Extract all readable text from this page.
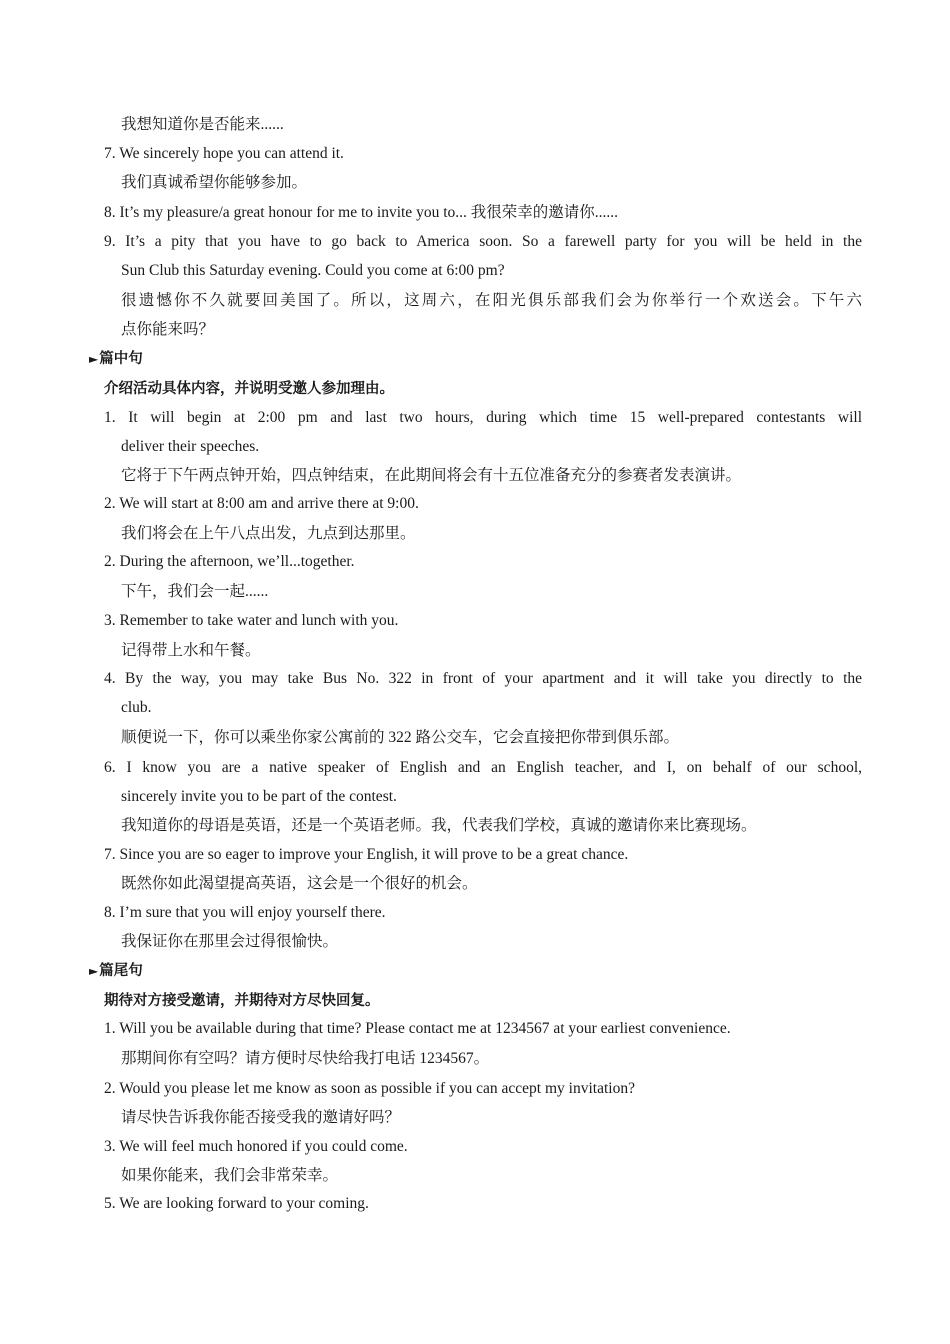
我想知道你是否能来......
7. We sincerely hope you can attend it.
我们真诚希望你能够参加。
8. It’s my pleasure/a great honour for me to invite you to... 我很荣幸的邀请你......
9. It’s a pity that you have to go back to America soon. So a farewell party for you will be held in the
Sun Club this Saturday evening. Could you come at 6:00 pm?
很遗憾你不久就要回美国了。所以，这周六，在阳光俱乐部我们会为你举行一个欢送会。下午六
点你能来吗？
►篇中句
介绍活动具体内容，并说明受邀人参加理由。
1. It will begin at 2:00 pm and last two hours, during which time 15 well-prepared contestants will
deliver their speeches.
它将于下午两点钟开始，四点钟结束，在此期间将会有十五位准备充分的参赛者发表演讲。
2. We will start at 8:00 am and arrive there at 9:00.
我们将会在上午八点出发，九点到达那里。
2. During the afternoon, we’ll...together.
下午，我们会一起......
3. Remember to take water and lunch with you.
记得带上水和午餐。
4. By the way, you may take Bus No. 322 in front of your apartment and it will take you directly to the
club.
顺便说一下，你可以乘坐你家公寓前的 322 路公交车，它会直接把你带到俱乐部。
6. I know you are a native speaker of English and an English teacher, and I, on behalf of our school,
sincerely invite you to be part of the contest.
我知道你的母语是英语，还是一个英语老师。我，代表我们学校，真诚的邀请你来比赛现场。
7. Since you are so eager to improve your English, it will prove to be a great chance.
既然你如此渴望提高英语，这会是一个很好的机会。
8. I’m sure that you will enjoy yourself there.
我保证你在那里会过得很愉快。
►篇尾句
期待对方接受邀请，并期待对方尽快回复。
1. Will you be available during that time? Please contact me at 1234567 at your earliest convenience.
那期间你有空吗？请方便时尽快给我打电话 1234567。
2. Would you please let me know as soon as possible if you can accept my invitation?
请尽快告诉我你能否接受我的邀请好吗？
3. We will feel much honored if you could come.
如果你能来，我们会非常荣幸。
5. We are looking forward to your coming.
